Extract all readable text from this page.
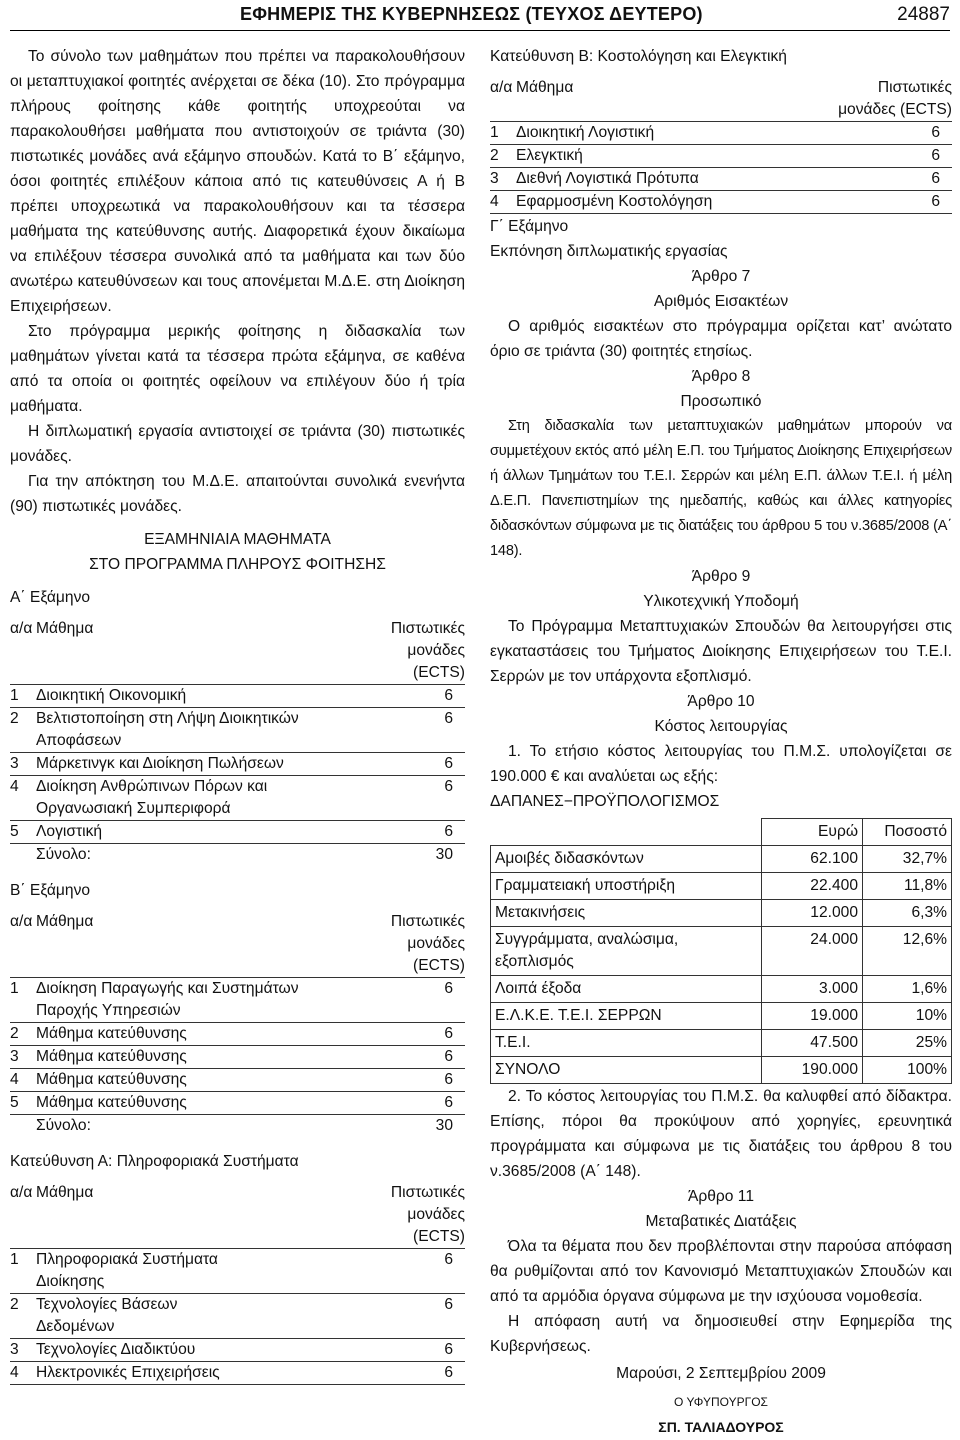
ΕΦΗΜΕΡΙΣ ΤΗΣ ΚΥΒΕΡΝΗΣΕΩΣ (ΤΕΥΧΟΣ ΔΕΥΤΕΡΟ)	24887

Το σύνολο των μαθημάτων που πρέπει να παρακολουθήσουν οι μεταπτυχιακοί φοιτητές ανέρχεται σε δέκα (10). Στο πρόγραμμα πλήρους φοίτησης κάθε φοιτητής υποχρεούται να παρακολουθήσει μαθήματα που αντιστοιχούν σε τριάντα (30) πιστωτικές μονάδες ανά εξάμηνο σπουδών. Κατά το Β΄ εξάμηνο, όσοι φοιτητές επιλέξουν κάποια από τις κατευθύνσεις Α ή Β πρέπει υποχρεωτικά να παρακολουθήσουν και τα τέσσερα μαθήματα της κατεύθυνσης αυτής. Διαφορετικά έχουν δικαίωμα να επιλέξουν τέσσερα συνολικά από τα μαθήματα και των δύο ανωτέρω κατευθύνσεων και τους απονέμεται Μ.Δ.Ε. στη Διοίκηση Επιχειρήσεων.

Στο πρόγραμμα μερικής φοίτησης η διδασκαλία των μαθημάτων γίνεται κατά τα τέσσερα πρώτα εξάμηνα, σε καθένα από τα οποία οι φοιτητές οφείλουν να επιλέγουν δύο ή τρία μαθήματα.

Η διπλωματική εργασία αντιστοιχεί σε τριάντα (30) πιστωτικές μονάδες.

Για την απόκτηση του Μ.Δ.Ε. απαιτούνται συνολικά ενενήντα (90) πιστωτικές μονάδες.

ΕΞΑΜΗΝΙΑΙΑ ΜΑΘΗΜΑΤΑ
ΣΤΟ ΠΡΟΓΡΑΜΜΑ ΠΛΗΡΟΥΣ ΦΟΙΤΗΣΗΣ
Α΄ Εξάμηνο
α/α	Μάθημα	Πιστωτικές
μονάδες (ECTS)
1	Διοικητική Οικονομική	6
2	Βελτιστοποίηση στη Λήψη Διοικητικών Αποφάσεων	6
3	Μάρκετινγκ και Διοίκηση Πωλήσεων	6
4	Διοίκηση Ανθρώπινων Πόρων και Οργανωσιακή Συμπεριφορά	6
5	Λογιστική	6
	Σύνολο:	30
Β΄ Εξάμηνο
α/α	Μάθημα	Πιστωτικές
μονάδες (ECTS)
1	Διοίκηση Παραγωγής και Συστημάτων Παροχής Υπηρεσιών	6
2	Μάθημα κατεύθυνσης	6
3	Μάθημα κατεύθυνσης	6
4	Μάθημα κατεύθυνσης	6
5	Μάθημα κατεύθυνσης	6
	Σύνολο:	30
Κατεύθυνση Α: Πληροφοριακά Συστήματα
α/α	Μάθημα	Πιστωτικές
μονάδες (ECTS)
1	Πληροφοριακά Συστήματα Διοίκησης	6
2	Τεχνολογίες Βάσεων Δεδομένων	6
3	Τεχνολογίες Διαδικτύου	6
4	Ηλεκτρονικές Επιχειρήσεις	6
Κατεύθυνση Β: Κοστολόγηση και Ελεγκτική
α/α	Μάθημα	Πιστωτικές
μονάδες (ECTS)
1	Διοικητική Λογιστική	6
2	Ελεγκτική	6
3	Διεθνή Λογιστικά Πρότυπα	6
4	Εφαρμοσμένη Κοστολόγηση	6
Γ΄ Εξάμηνο
Εκπόνηση διπλωματικής εργασίας
Άρθρο 7
Αριθμός Εισακτέων

Ο αριθμός εισακτέων στο πρόγραμμα ορίζεται κατ’ ανώτατο όριο σε τριάντα (30) φοιτητές ετησίως.

Άρθρο 8
Προσωπικό

Στη διδασκαλία των μεταπτυχιακών μαθημάτων μπορούν να συμμετέχουν εκτός από μέλη Ε.Π. του Τμήματος Διοίκησης Επιχειρήσεων ή άλλων Τμημάτων του Τ.Ε.Ι. Σερρών και μέλη Ε.Π. άλλων Τ.Ε.Ι. ή μέλη Δ.Ε.Π. Πανεπιστημίων της ημεδαπής, καθώς και άλλες κατηγορίες διδασκόντων σύμφωνα με τις διατάξεις του άρθρου 5 του ν.3685/2008 (Α΄ 148).

Άρθρο 9
Υλικοτεχνική Υποδομή

Το Πρόγραμμα Μεταπτυχιακών Σπουδών θα λειτουργήσει στις εγκαταστάσεις του Τμήματος Διοίκησης Επιχειρήσεων του Τ.Ε.Ι. Σερρών με τον υπάρχοντα εξοπλισμό.

Άρθρο 10
Κόστος λειτουργίας

1. Το ετήσιο κόστος λειτουργίας του Π.Μ.Σ. υπολογίζεται σε 190.000 € και αναλύεται ως εξής:

ΔΑΠΑΝΕΣ−ΠΡΟΫΠΟΛΟΓΙΣΜΟΣ
	Ευρώ	Ποσοστό
Αμοιβές διδασκόντων	62.100	32,7%
Γραμματειακή υποστήριξη	22.400	11,8%
Μετακινήσεις	12.000	6,3%
Συγγράμματα, αναλώσιμα, εξοπλισμός	24.000	12,6%
Λοιπά έξοδα	3.000	1,6%
Ε.Λ.Κ.Ε. Τ.Ε.Ι. ΣΕΡΡΩΝ	19.000	10%
Τ.Ε.Ι.	47.500	25%
ΣΥΝΟΛΟ	190.000	100%

2. Το κόστος λειτουργίας του Π.Μ.Σ. θα καλυφθεί από δίδακτρα. Επίσης, πόροι θα προκύψουν από χορηγίες, ερευνητικά προγράμματα και σύμφωνα με τις διατάξεις του άρθρου 8 του ν.3685/2008 (Α΄ 148).

Άρθρο 11
Μεταβατικές Διατάξεις

Όλα τα θέματα που δεν προβλέπονται στην παρούσα απόφαση θα ρυθμίζονται από τον Κανονισμό Μεταπτυχιακών Σπουδών και από τα αρμόδια όργανα σύμφωνα με την ισχύουσα νομοθεσία.

Η απόφαση αυτή να δημοσιευθεί στην Εφημερίδα της Κυβερνήσεως.

Μαρούσι, 2 Σεπτεμβρίου 2009
Ο ΥΦΥΠΟΥΡΓΟΣ
ΣΠ. ΤΑΛΙΑΔΟΥΡΟΣ
